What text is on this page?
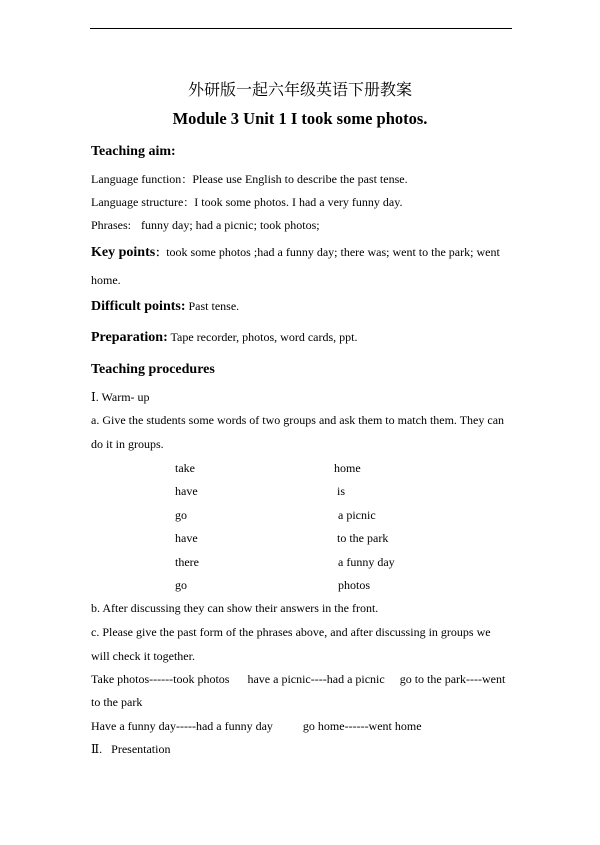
外研版一起六年级英语下册教案
Module 3 Unit 1 I took some photos.
Teaching aim:
Language function：Please use English to describe the past tense.
Language structure：I took some photos. I had a very funny day.
Phrases: funny day; had a picnic; took photos;
Key points：took some photos ;had a funny day; there was; went to the park; went
home.
Difficult points: Past tense.
Preparation: Tape recorder, photos, word cards, ppt.
Teaching procedures
Ⅰ. Warm- up
a. Give the students some words of two groups and ask them to match them. They can
do it in groups.
take
have
go
have
there
go
home
is
a picnic
to the park
a funny day
photos
b. After discussing they can show their answers in the front.
c. Please give the past form of the phrases above, and after discussing in groups we
will check it together.
Take photos------took photos      have a picnic----had a picnic     go to the park----went
to the park
Have a funny day-----had a funny day          go home------went home
Ⅱ.   Presentation
